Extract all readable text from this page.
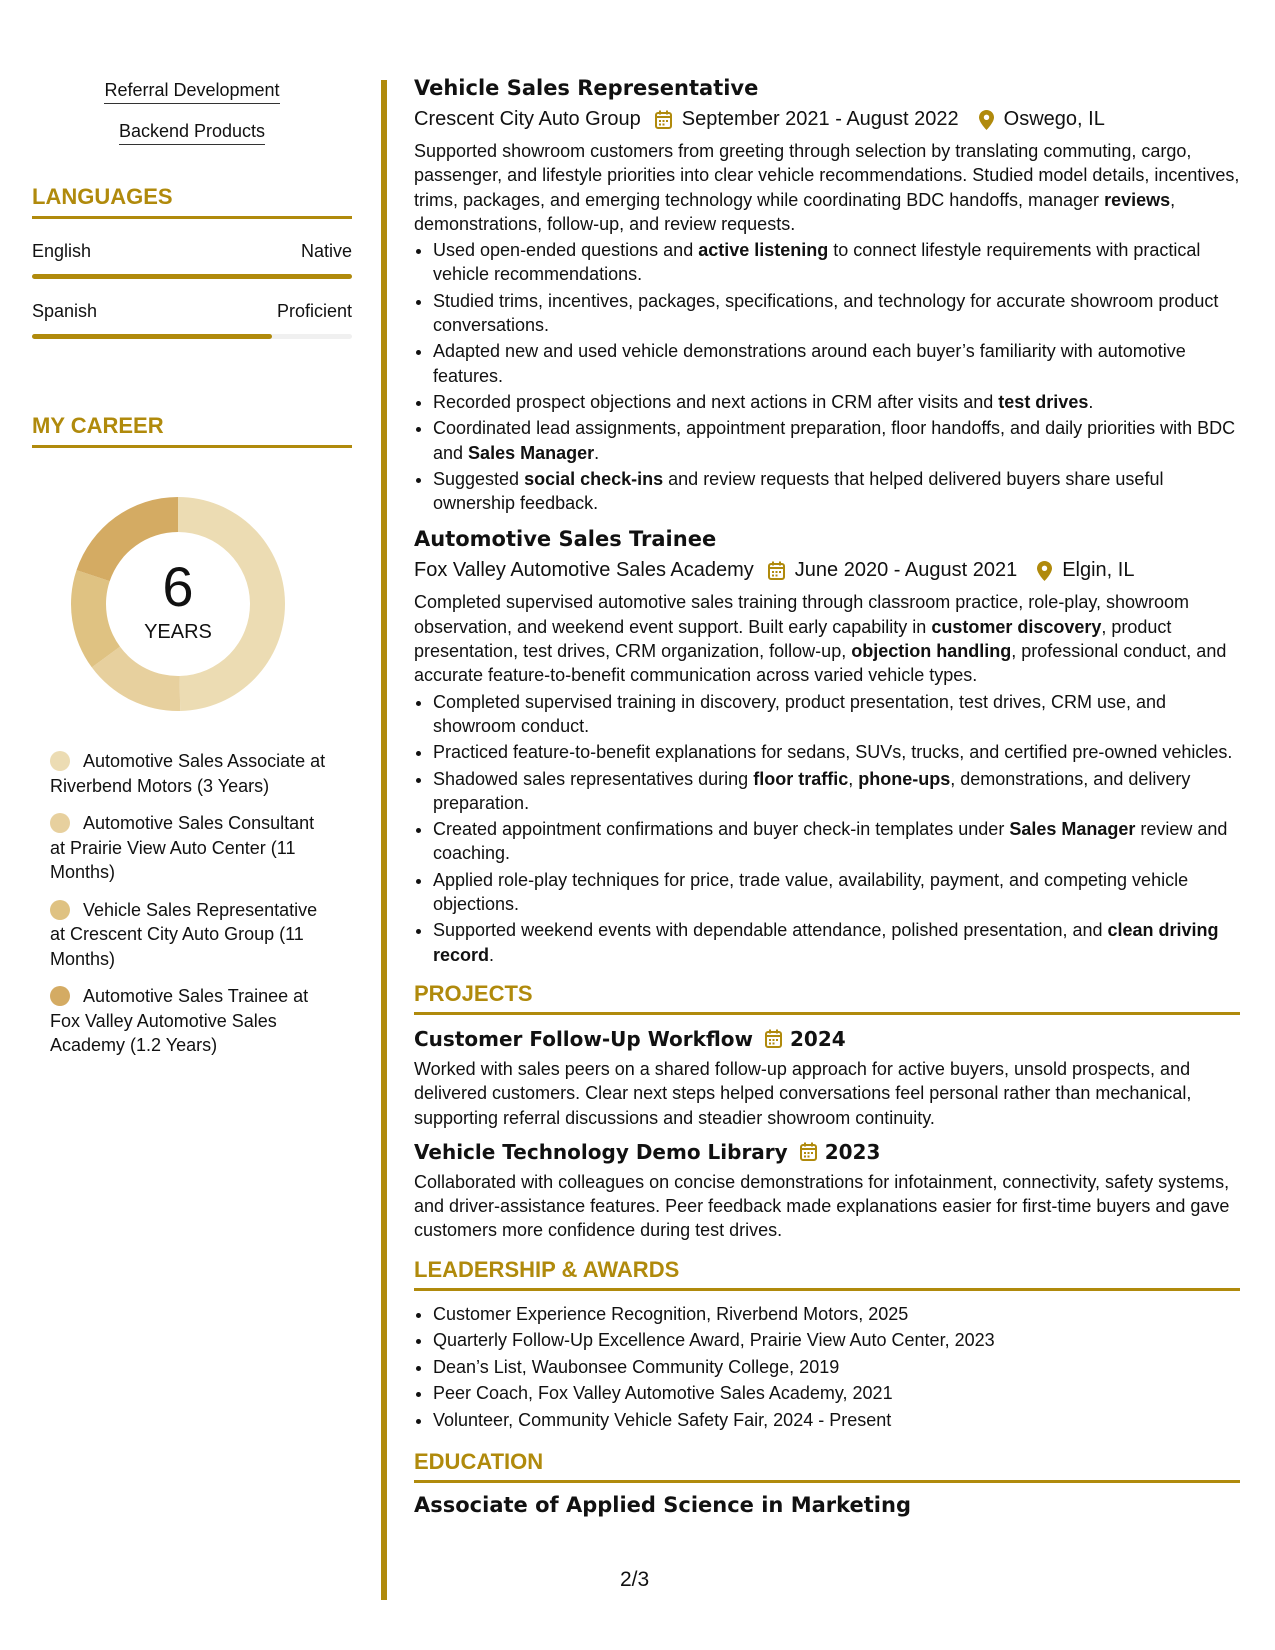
Referral Development
Backend Products
LANGUAGES
English	Native
Spanish	Proficient
MY CAREER
6
YEARS
Automotive Sales Associate at Riverbend Motors (3 Years)
Automotive Sales Consultant at Prairie View Auto Center (11 Months)
Vehicle Sales Representative at Crescent City Auto Group (11 Months)
Automotive Sales Trainee at Fox Valley Automotive Sales Academy (1.2 Years)
Vehicle Sales Representative
Crescent City Auto Group September 2021 - August 2022 Oswego, IL

Supported showroom customers from greeting through selection by translating commuting, cargo, passenger, and lifestyle priorities into clear vehicle recommendations. Studied model details, incentives, trims, packages, and emerging technology while coordinating BDC handoffs, manager reviews, demonstrations, follow-up, and review requests.

• Used open-ended questions and active listening to connect lifestyle requirements with practical vehicle recommendations.
• Studied trims, incentives, packages, specifications, and technology for accurate showroom product conversations.
• Adapted new and used vehicle demonstrations around each buyer’s familiarity with automotive features.
• Recorded prospect objections and next actions in CRM after visits and test drives.
• Coordinated lead assignments, appointment preparation, floor handoffs, and daily priorities with BDC and Sales Manager.
• Suggested social check-ins and review requests that helped delivered buyers share useful ownership feedback.
Automotive Sales Trainee
Fox Valley Automotive Sales Academy June 2020 - August 2021 Elgin, IL

Completed supervised automotive sales training through classroom practice, role-play, showroom observation, and weekend event support. Built early capability in customer discovery, product presentation, test drives, CRM organization, follow-up, objection handling, professional conduct, and accurate feature-to-benefit communication across varied vehicle types.

• Completed supervised training in discovery, product presentation, test drives, CRM use, and showroom conduct.
• Practiced feature-to-benefit explanations for sedans, SUVs, trucks, and certified pre-owned vehicles.
• Shadowed sales representatives during floor traffic, phone-ups, demonstrations, and delivery preparation.
• Created appointment confirmations and buyer check-in templates under Sales Manager review and coaching.
• Applied role-play techniques for price, trade value, availability, payment, and competing vehicle objections.
• Supported weekend events with dependable attendance, polished presentation, and clean driving record.
PROJECTS
Customer Follow-Up Workflow 2024

Worked with sales peers on a shared follow-up approach for active buyers, unsold prospects, and delivered customers. Clear next steps helped conversations feel personal rather than mechanical, supporting referral discussions and steadier showroom continuity.

Vehicle Technology Demo Library 2023

Collaborated with colleagues on concise demonstrations for infotainment, connectivity, safety systems, and driver-assistance features. Peer feedback made explanations easier for first-time buyers and gave customers more confidence during test drives.

LEADERSHIP & AWARDS
• Customer Experience Recognition, Riverbend Motors, 2025
• Quarterly Follow-Up Excellence Award, Prairie View Auto Center, 2023
• Dean’s List, Waubonsee Community College, 2019
• Peer Coach, Fox Valley Automotive Sales Academy, 2021
• Volunteer, Community Vehicle Safety Fair, 2024 - Present
EDUCATION
Associate of Applied Science in Marketing
2/3
